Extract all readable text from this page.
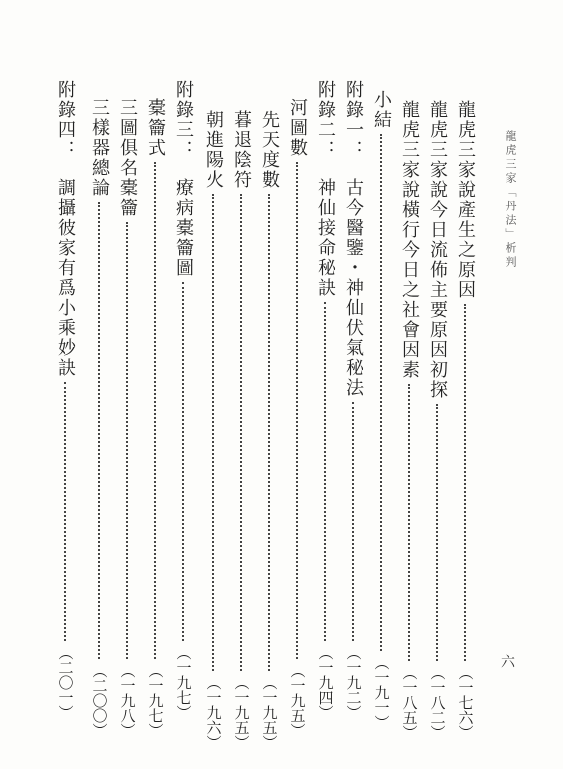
龍虎三家「丹法」析判
六
龍虎三家說產生之原因
（一七六）
龍虎三家說今日流佈主要原因初探
（一八二）
龍虎三家說橫行今日之社會因素
（一八五）
小結
（一九一）
附錄一：
古今醫鑒・神仙伏氣秘法
（一九二）
附錄二：
神仙接命秘訣
（一九四）
河圖數
（一九五）
先天度數
（一九五）
暮退陰符
（一九五）
朝進陽火
（一九六）
附錄三：
療病橐籥圖
（一九七）
橐籥式
（一九七）
三圖俱名橐籥
（一九八）
三樣器總論
（二〇〇）
附錄四：
調攝彼家有爲小乘妙訣
（二〇一）
